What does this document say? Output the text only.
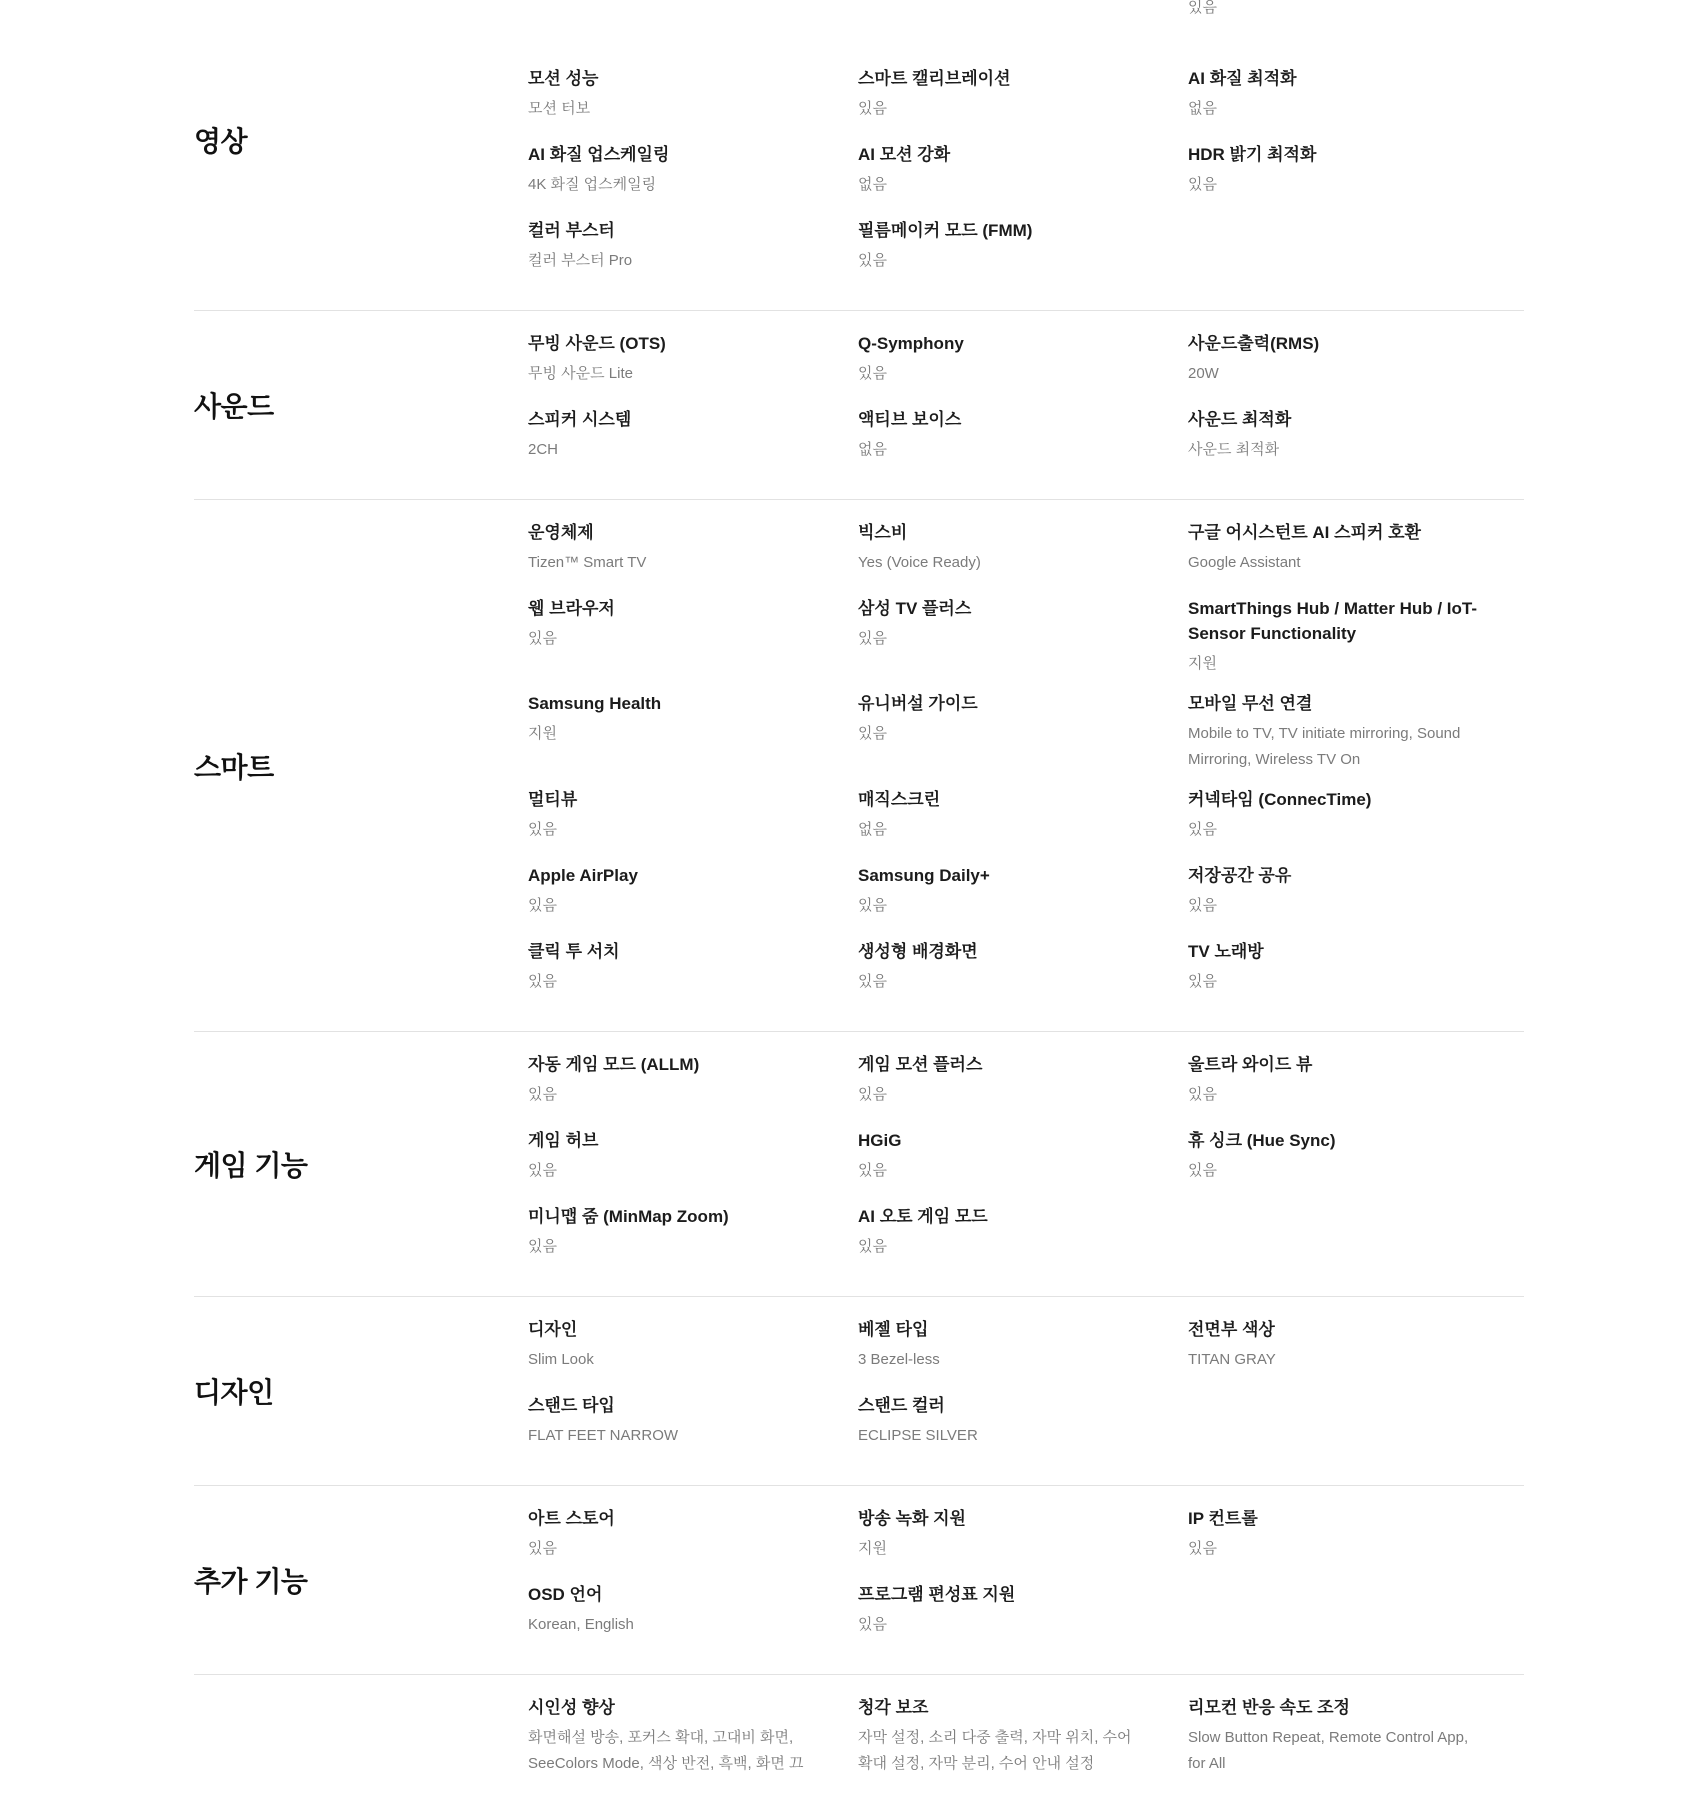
영상
있음
모션 성능
모션 터보
스마트 캘리브레이션
있음
AI 화질 최적화
없음
AI 화질 업스케일링
4K 화질 업스케일링
AI 모션 강화
없음
HDR 밝기 최적화
있음
컬러 부스터
컬러 부스터 Pro
필름메이커 모드 (FMM)
있음
사운드
무빙 사운드 (OTS)
무빙 사운드 Lite
Q-Symphony
있음
사운드출력(RMS)
20W
스피커 시스템
2CH
액티브 보이스
없음
사운드 최적화
사운드 최적화
스마트
운영체제
Tizen™ Smart TV
빅스비
Yes (Voice Ready)
구글 어시스턴트 AI 스피커 호환
Google Assistant
웹 브라우저
있음
삼성 TV 플러스
있음
SmartThings Hub / Matter Hub / IoT-Sensor Functionality
지원
Samsung Health
지원
유니버설 가이드
있음
모바일 무선 연결
Mobile to TV, TV initiate mirroring, Sound Mirroring, Wireless TV On
멀티뷰
있음
매직스크린
없음
커넥타임 (ConnecTime)
있음
Apple AirPlay
있음
Samsung Daily+
있음
저장공간 공유
있음
클릭 투 서치
있음
생성형 배경화면
있음
TV 노래방
있음
게임 기능
자동 게임 모드 (ALLM)
있음
게임 모션 플러스
있음
울트라 와이드 뷰
있음
게임 허브
있음
HGiG
있음
휴 싱크 (Hue Sync)
있음
미니맵 줌 (MinMap Zoom)
있음
AI 오토 게임 모드
있음
디자인
디자인
Slim Look
베젤 타입
3 Bezel-less
전면부 색상
TITAN GRAY
스탠드 타입
FLAT FEET NARROW
스탠드 컬러
ECLIPSE SILVER
추가 기능
아트 스토어
있음
방송 녹화 지원
지원
IP 컨트롤
있음
OSD 언어
Korean, English
프로그램 편성표 지원
있음
시인성 향상
화면해설 방송, 포커스 확대, 고대비 화면, SeeColors Mode, 색상 반전, 흑백, 화면 끄
청각 보조
자막 설정, 소리 다중 출력, 자막 위치, 수어 확대 설정, 자막 분리, 수어 안내 설정
리모컨 반응 속도 조정
Slow Button Repeat, Remote Control App, for All
